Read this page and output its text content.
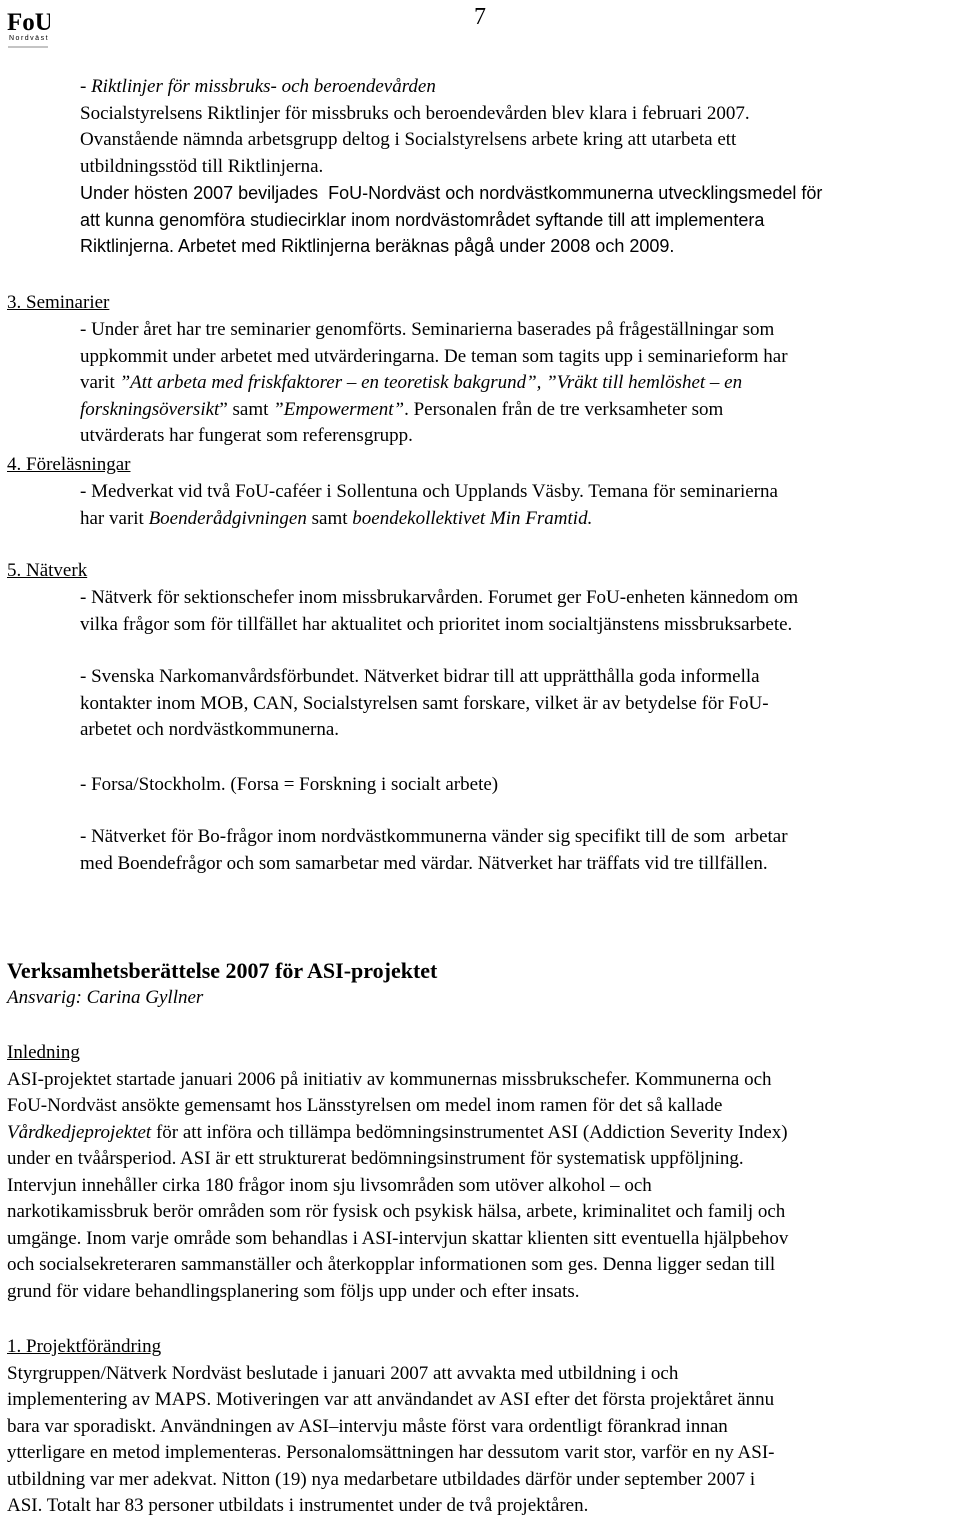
FoU
Nordväst
7
- Riktlinjer för missbruks- och beroendevården
Socialstyrelsens Riktlinjer för missbruks och beroendevården blev klara i februari 2007.
Ovanstående nämnda arbetsgrupp deltog i Socialstyrelsens arbete kring att utarbeta ett
utbildningsstöd till Riktlinjerna.
Under hösten 2007 beviljades  FoU-Nordväst och nordvästkommunerna utvecklingsmedel för
att kunna genomföra studiecirklar inom nordvästområdet syftande till att implementera
Riktlinjerna. Arbetet med Riktlinjerna beräknas pågå under 2008 och 2009.
3. Seminarier
- Under året har tre seminarier genomförts. Seminarierna baserades på frågeställningar som
uppkommit under arbetet med utvärderingarna. De teman som tagits upp i seminarieform har
varit ”Att arbeta med friskfaktorer – en teoretisk bakgrund”, ”Vräkt till hemlöshet – en
forskningsöversikt” samt ”Empowerment”. Personalen från de tre verksamheter som
utvärderats har fungerat som referensgrupp.
4. Föreläsningar
- Medverkat vid två FoU-caféer i Sollentuna och Upplands Väsby. Temana för seminarierna
har varit Boenderådgivningen samt boendekollektivet Min Framtid.
5. Nätverk
- Nätverk för sektionschefer inom missbrukarvården. Forumet ger FoU-enheten kännedom om
vilka frågor som för tillfället har aktualitet och prioritet inom socialtjänstens missbruksarbete.
- Svenska Narkomanvårdsförbundet. Nätverket bidrar till att upprätthålla goda informella
kontakter inom MOB, CAN, Socialstyrelsen samt forskare, vilket är av betydelse för FoU-
arbetet och nordvästkommunerna.
- Forsa/Stockholm. (Forsa = Forskning i socialt arbete)
- Nätverket för Bo-frågor inom nordvästkommunerna vänder sig specifikt till de som  arbetar
med Boendefrågor och som samarbetar med värdar. Nätverket har träffats vid tre tillfällen.
Verksamhetsberättelse 2007 för ASI-projektet
Ansvarig: Carina Gyllner
Inledning
ASI-projektet startade januari 2006 på initiativ av kommunernas missbrukschefer. Kommunerna och
FoU-Nordväst ansökte gemensamt hos Länsstyrelsen om medel inom ramen för det så kallade
Vårdkedjeprojektet för att införa och tillämpa bedömningsinstrumentet ASI (Addiction Severity Index)
under en tvåårsperiod. ASI är ett strukturerat bedömningsinstrument för systematisk uppföljning.
Intervjun innehåller cirka 180 frågor inom sju livsområden som utöver alkohol – och
narkotikamissbruk berör områden som rör fysisk och psykisk hälsa, arbete, kriminalitet och familj och
umgänge. Inom varje område som behandlas i ASI-intervjun skattar klienten sitt eventuella hjälpbehov
och socialsekreteraren sammanställer och återkopplar informationen som ges. Denna ligger sedan till
grund för vidare behandlingsplanering som följs upp under och efter insats.
1. Projektförändring
Styrgruppen/Nätverk Nordväst beslutade i januari 2007 att avvakta med utbildning i och
implementering av MAPS. Motiveringen var att användandet av ASI efter det första projektåret ännu
bara var sporadiskt. Användningen av ASI–intervju måste först vara ordentligt förankrad innan
ytterligare en metod implementeras. Personalomsättningen har dessutom varit stor, varför en ny ASI-
utbildning var mer adekvat. Nitton (19) nya medarbetare utbildades därför under september 2007 i
ASI. Totalt har 83 personer utbildats i instrumentet under de två projektåren.
